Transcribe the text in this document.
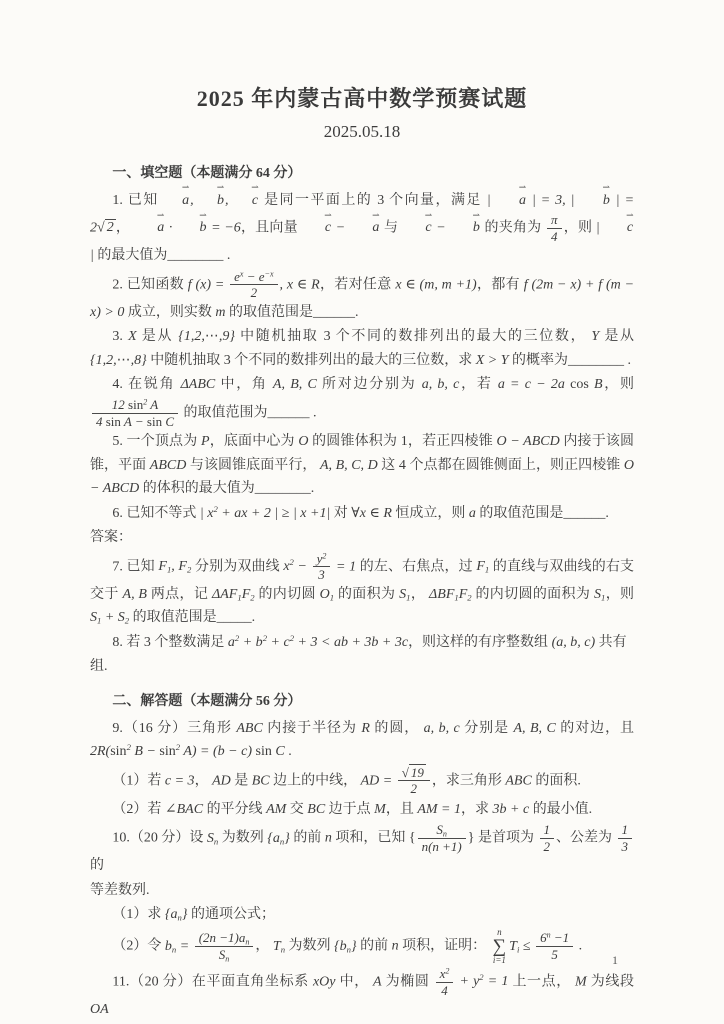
2025 年内蒙古高中数学预赛试题
2025.05.18

一、填空题（本题满分 64 分）

1. 已知
⇀
a,
⇀
b,
⇀
c 是同一平面上的 3 个向量，满足 |
⇀
a | = 3, |
⇀
b | = 2√ 2 ，
⇀
a ·
⇀
b = −6，且向量
⇀
c −
⇀
a 与
⇀
c −
⇀
b 的夹角为 $\frac{\pi}{4}$ ，则 |
⇀
c | 的最大值为________ .

2. 已知函数 f $(x) = \frac{e^x - e^{-x}}{2}$ , x ∈ R，若对任意 x ∈ (m, m +1)，都有 f (2m − x) + f (m − x) > 0 成立，则实数 m 的取值范围是______.

3. X 是从 {1,2,⋯,9} 中随机抽取 3 个不同的数排列出的最大的三位数， Y 是从 {1,2,⋯,8} 中随机抽取 3 个不同的数排列出的最大的三位数，求 X > Y 的概率为________ .

4. 在锐角 ΔABC 中，角 A, B, C 所对边分别为 a, b, c，若 a = c − 2a cos B，则
$\frac{12 \sin^2 A}{\text{4 sin A − sin C}}$ 的取值范围为______ .

5. 一个顶点为 P，底面中心为 O 的圆锥体积为 1，若正四棱锥 O − ABCD 内接于该圆锥，平面 ABCD 与该圆锥底面平行， A, B, C, D 这 4 个点都在圆锥侧面上，则正四棱锥 O − ABCD 的体积的最大值为________.

6. 已知不等式 | $x^2$ + ax + 2 | ≥ | x +1| 对 ∀x ∈ R 恒成立，则 a 的取值范围是______.

答案：

7. 已知 $F_1$, $F_2$ 分别为双曲线 $x^2 - \frac{y^2}{3} = 1$ 的左、右焦点，过 $F_1$ 的直线与双曲线的右支交于 A, B 两点，记 $\Delta AF_1F_2$ 的内切圆 $O_1$ 的面积为 $S_1$， $\Delta BF_1F_2$ 的内切圆的面积为 $S_1$，则 $S_1 + S_2$ 的取值范围是_____.

8. 若 3 个整数满足 $a^2 + b^2 + c^2 + 3$ < ab + 3b + 3c，则这样的有序整数组 (a, b, c) 共有

组.

二、解答题（本题满分 56 分）

9.（16 分）三角形 ABC 内接于半径为 R 的圆， a, b, c 分别是 A, B, C 的对边，且 $2R(\sin^2$ $B - \sin^2 A) = (b - c)$ sin C .

（1）若 c = 3， AD 是 BC 边上的中线， AD = $\frac{√ 19}{2}$ ，求三角形 ABC 的面积.

（2）若 ∠BAC 的平分线 AM 交 BC 边于点 M，且 AM = 1，求 3b + c 的最小值.

10.（20 分）设 $S_n$ 为数列 $\{a_n\}$ 的前 n 项和，已知 { $\frac{S_n}{n(n +1)}$ } 是首项为 $\frac{1}{2}$ 、公差为 $\frac{1}{3}$
的

等差数列.

（1）求 $\{a_n\}$ 的通项公式；

（2）令 $b_n = \frac{(2n -1)a_n}{S_n}$ ， $T_n$ 为数列 $\{b_n\}$ 的前 n 项积，证明：
n
∑
i=1
$T_i \le \frac{6^n -1}{5}$ .

11.（20 分）在平面直角坐标系 xOy 中， A 为椭圆 $\frac{x^2}{4} + y^2 = 1$ 上一点， M 为线段 OA

1
